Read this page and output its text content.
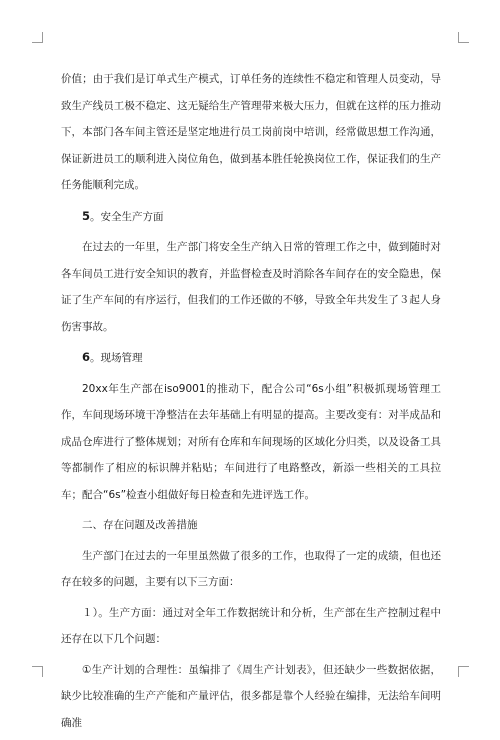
价值；由于我们是订单式生产模式，订单任务的连续性不稳定和管理人员变动，导致生产线员工极不稳定、这无疑给生产管理带来极大压力，但就在这样的压力推动下，本部门各车间主管还是坚定地进行员工岗前岗中培训，经常做思想工作沟通，保证新进员工的顺利进入岗位角色，做到基本胜任轮换岗位工作，保证我们的生产任务能顺利完成。

5。安全生产方面

在过去的一年里，生产部门将安全生产纳入日常的管理工作之中，做到随时对各车间员工进行安全知识的教育，并监督检查及时消除各车间存在的安全隐患，保证了生产车间的有序运行，但我们的工作还做的不够，导致全年共发生了３起人身伤害事故。

6。现场管理

20xx年生产部在iso9001的推动下，配合公司“6s小组”积极抓现场管理工作，车间现场环境干净整洁在去年基础上有明显的提高。主要改变有：对半成品和成品仓库进行了整体规划；对所有仓库和车间现场的区域化分归类，以及设备工具等都制作了相应的标识牌并粘贴；车间进行了电路整改，新添一些相关的工具拉车；配合“6s”检查小组做好每日检查和先进评选工作。

二、存在问题及改善措施

生产部门在过去的一年里虽然做了很多的工作，也取得了一定的成绩，但也还存在较多的问题，主要有以下三方面：

１）。生产方面：通过对全年工作数据统计和分析，生产部在生产控制过程中还存在以下几个问题：

①生产计划的合理性：虽编排了《周生产计划表》，但还缺少一些数据依据，缺少比较准确的生产产能和产量评估，很多都是靠个人经验在编排，无法给车间明确准
